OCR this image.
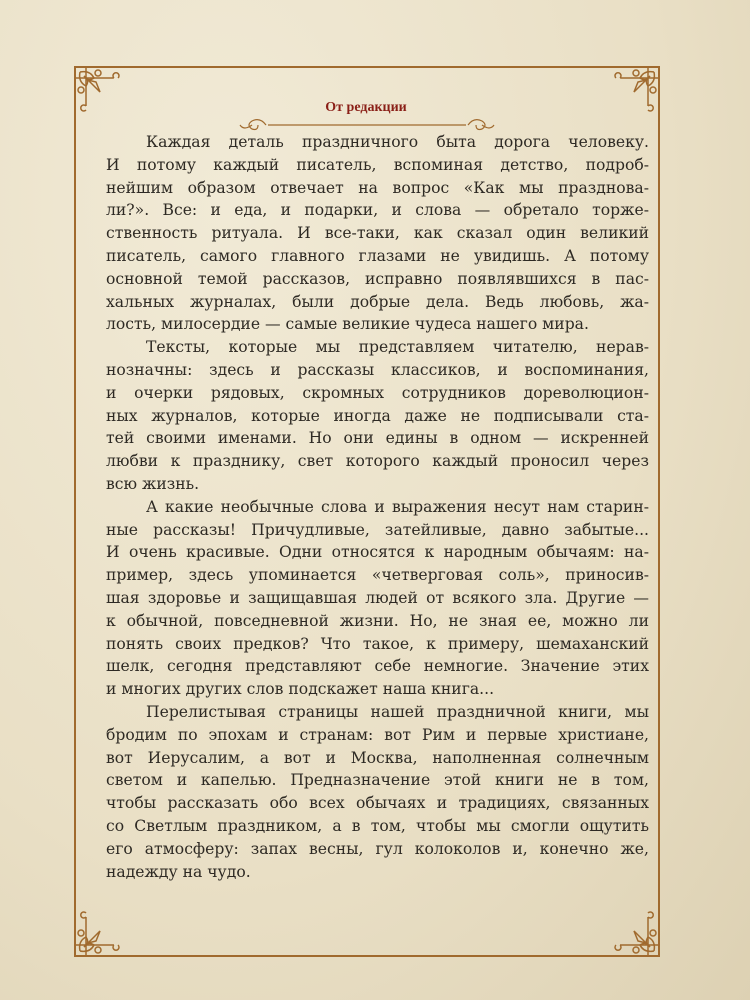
От редакции
Каждая деталь праздничного быта дорога человеку.
И потому каждый писатель, вспоминая детство, подроб-
нейшим образом отвечает на вопрос «Как мы празднова-
ли?». Все: и еда, и подарки, и слова — обретало торже-
ственность ритуала. И все-таки, как сказал один великий
писатель, самого главного глазами не увидишь. А потому
основной темой рассказов, исправно появлявшихся в пас-
хальных журналах, были добрые дела. Ведь любовь, жа-
лость, милосердие — самые великие чудеса нашего мира.
Тексты, которые мы представляем читателю, нерав-
нозначны: здесь и рассказы классиков, и воспоминания,
и очерки рядовых, скромных сотрудников дореволюцион-
ных журналов, которые иногда даже не подписывали ста-
тей своими именами. Но они едины в одном — искренней
любви к празднику, свет которого каждый проносил через
всю жизнь.
А какие необычные слова и выражения несут нам старин-
ные рассказы! Причудливые, затейливые, давно забытые...
И очень красивые. Одни относятся к народным обычаям: на-
пример, здесь упоминается «четверговая соль», приносив-
шая здоровье и защищавшая людей от всякого зла. Другие —
к обычной, повседневной жизни. Но, не зная ее, можно ли
понять своих предков? Что такое, к примеру, шемаханский
шелк, сегодня представляют себе немногие. Значение этих
и многих других слов подскажет наша книга...
Перелистывая страницы нашей праздничной книги, мы
бродим по эпохам и странам: вот Рим и первые христиане,
вот Иерусалим, а вот и Москва, наполненная солнечным
светом и капелью. Предназначение этой книги не в том,
чтобы рассказать обо всех обычаях и традициях, связанных
со Светлым праздником, а в том, чтобы мы смогли ощутить
его атмосферу: запах весны, гул колоколов и, конечно же,
надежду на чудо.
